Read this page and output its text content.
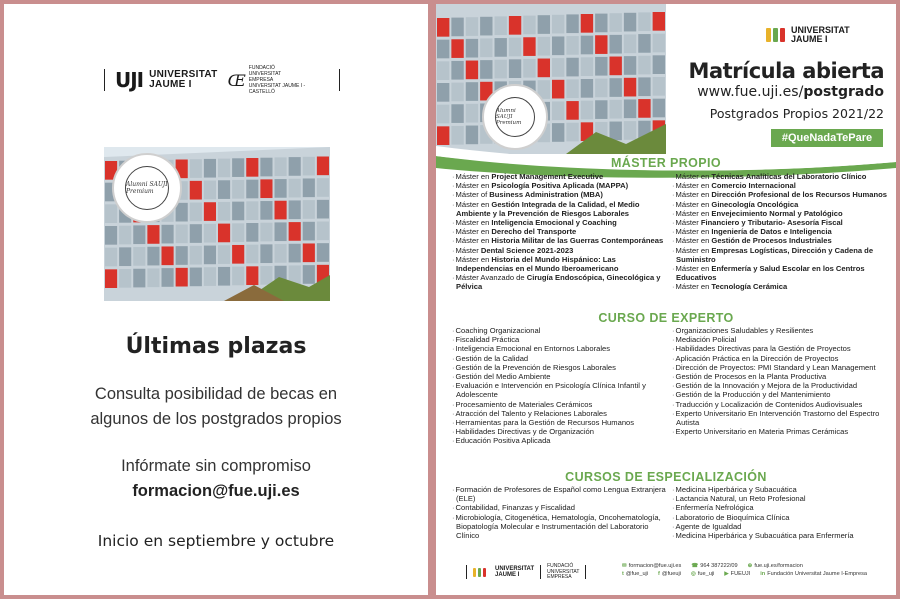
UJI UNIVERSITAT
JAUME I	Œ
FUNDACIÓ
UNIVERSITAT
EMPRESA
UNIVERSITAT JAUME I - CASTELLÓ
Alumni SAUJI Premium
Últimas plazas
Consulta posibilidad de becas en
algunos de los postgrados propios
Infórmate sin compromiso
formacion@fue.uji.es
Inicio en septiembre y octubre
Alumni SAUJI Premium
UNIVERSITAT
JAUME I
Matrícula abierta
www.fue.uji.es/postgrado
Postgrados Propios 2021/22
#QueNadaTePare
MÁSTER PROPIO
· Máster en Project Management Executive
· Máster en Psicología Positiva Aplicada (MAPPA)
· Máster of Business Administration (MBA)
· Máster en Gestión Integrada de la Calidad, el Medio Ambiente y la Prevención de Riesgos Laborales
· Máster en Inteligencia Emocional y Coaching
· Máster en Derecho del Transporte
· Máster en Historia Militar de las Guerras Contemporáneas
· Máster Dental Science 2021-2023
· Máster en Historia del Mundo Hispánico: Las Independencias en el Mundo Iberoamericano
· Máster Avanzado de Cirugía Endoscópica, Ginecológica y Pélvica
· Máster en Técnicas Analíticas del Laboratorio Clínico
· Máster en Comercio Internacional
· Máster en Dirección Profesional de los Recursos Humanos
· Máster en Ginecología Oncológica
· Máster en Envejecimiento Normal y Patológico
· Máster Financiero y Tributario- Asesoría Fiscal
· Máster en Ingeniería de Datos e Inteligencia
· Máster en Gestión de Procesos Industriales
· Máster en Empresas Logísticas, Dirección y Cadena de Suministro
· Máster en Enfermería y Salud Escolar en los Centros Educativos
· Máster en Tecnología Cerámica
CURSO DE EXPERTO
· Coaching Organizacional
· Fiscalidad Práctica
· Inteligencia Emocional en Entornos Laborales
· Gestión de la Calidad
· Gestión de la Prevención de Riesgos Laborales
· Gestión del Medio Ambiente
· Evaluación e Intervención en Psicología Clínica Infantil y Adolescente
· Procesamiento de Materiales Cerámicos
· Atracción del Talento y Relaciones Laborales
· Herramientas para la Gestión de Recursos Humanos
· Habilidades Directivas y de Organización
· Educación Positiva Aplicada
· Organizaciones Saludables y Resilientes
· Mediación Policial
· Habilidades Directivas para la Gestión de Proyectos
· Aplicación Práctica en la Dirección de Proyectos
· Dirección de Proyectos: PMI Standard y Lean Management
· Gestión de Procesos en la Planta Productiva
· Gestión de la Innovación y Mejora de la Productividad
· Gestión de la Producción y del Mantenimiento
· Traducción y Localización de Contenidos Audiovisuales
· Experto Universitario En Intervención Trastorno del Espectro Autista
· Experto Universitario en Materia Primas Cerámicas
CURSOS DE ESPECIALIZACIÓN
· Formación de Profesores de Español como Lengua Extranjera (ELE)
· Contabilidad, Finanzas y Fiscalidad
· Microbiología, Citogenética, Hematología, Oncohematología, Biopatología Molecular e Instrumentación del Laboratorio Clínico
· Medicina Hiperbárica y Subacuática
· Lactancia Natural, un Reto Profesional
· Enfermería Nefrológica
· Laboratorio de Bioquímica Clínica
· Agente de Igualdad
· Medicina Hiperbárica y Subacuática para Enfermería
UNIVERSITAT
JAUME I
FUNDACIÓ
UNIVERSITAT
EMPRESA
✉ formacion@fue.uji.es ☎ 964 387222/09 ⊕ fue.uji.es/formacion
t @fue_uji f @fueuji ◎ fue_uji ▶ FUEUJI in Fundación Universitat Jaume I-Empresa
